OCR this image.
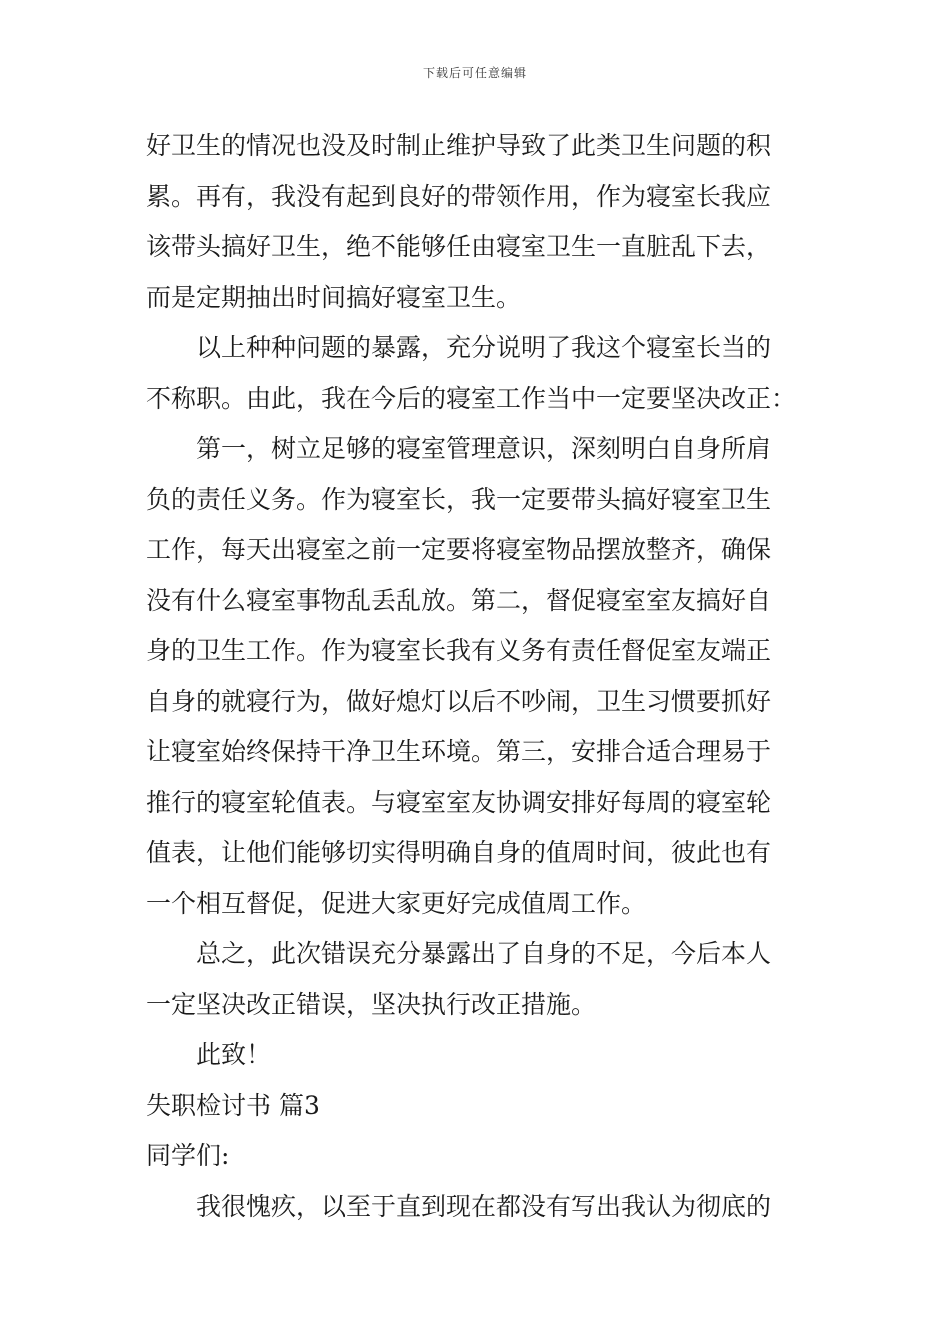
下载后可任意编辑
好卫生的情况也没及时制止维护导致了此类卫生问题的积
累。再有，我没有起到良好的带领作用，作为寝室长我应
该带头搞好卫生，绝不能够任由寝室卫生一直脏乱下去，
而是定期抽出时间搞好寝室卫生。
以上种种问题的暴露，充分说明了我这个寝室长当的
不称职。由此，我在今后的寝室工作当中一定要坚决改正：
第一，树立足够的寝室管理意识，深刻明白自身所肩
负的责任义务。作为寝室长，我一定要带头搞好寝室卫生
工作，每天出寝室之前一定要将寝室物品摆放整齐，确保
没有什么寝室事物乱丢乱放。第二，督促寝室室友搞好自
身的卫生工作。作为寝室长我有义务有责任督促室友端正
自身的就寝行为，做好熄灯以后不吵闹，卫生习惯要抓好
让寝室始终保持干净卫生环境。第三，安排合适合理易于
推行的寝室轮值表。与寝室室友协调安排好每周的寝室轮
值表，让他们能够切实得明确自身的值周时间，彼此也有
一个相互督促，促进大家更好完成值周工作。
总之，此次错误充分暴露出了自身的不足，今后本人
一定坚决改正错误，坚决执行改正措施。
此致！
失职检讨书 篇3
同学们:
我很愧疚，以至于直到现在都没有写出我认为彻底的
